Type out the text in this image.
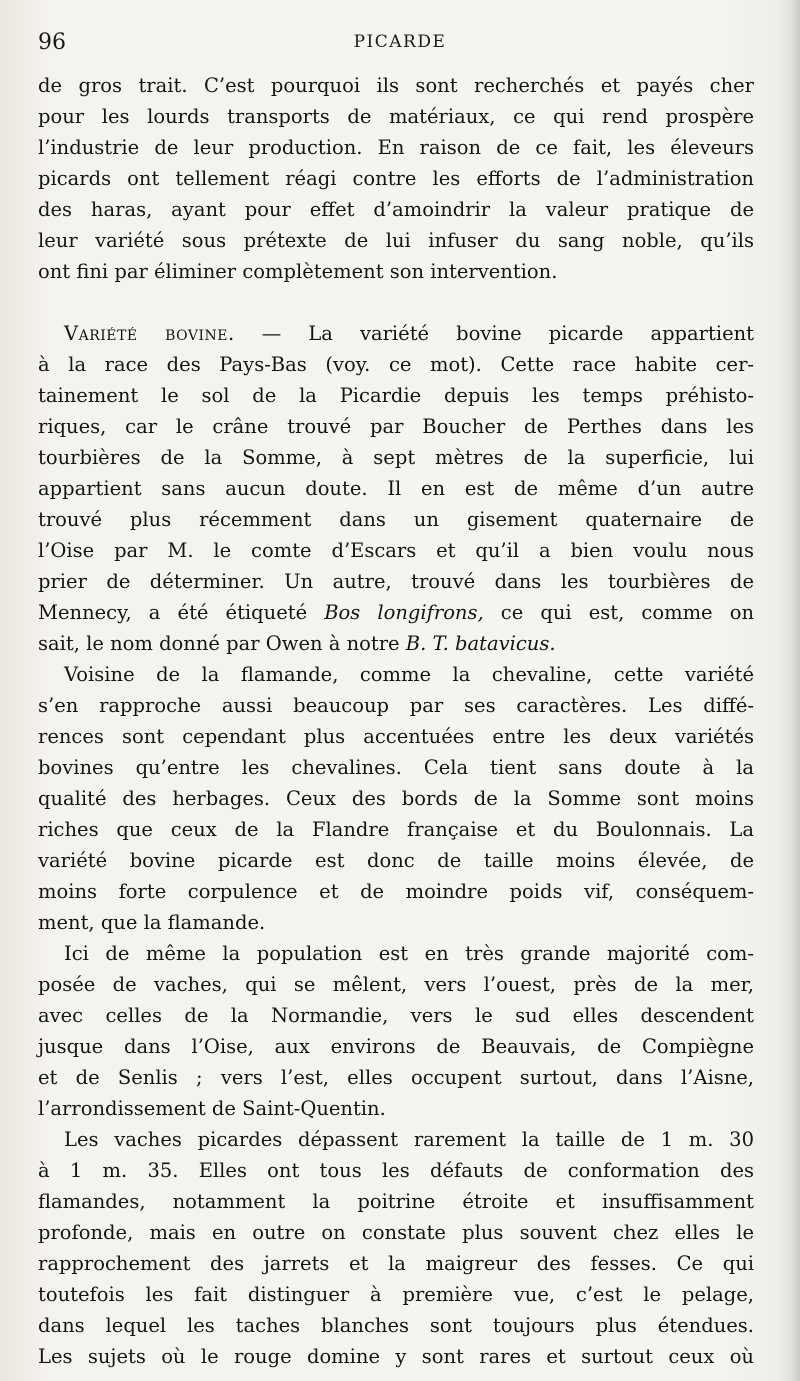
96	PICARDE
de gros trait. C’est pourquoi ils sont recherchés et payés cher
pour les lourds transports de matériaux, ce qui rend prospère
l’industrie de leur production. En raison de ce fait, les éleveurs
picards ont tellement réagi contre les efforts de l’administration
des haras, ayant pour effet d’amoindrir la valeur pratique de
leur variété sous prétexte de lui infuser du sang noble, qu’ils
ont fini par éliminer complètement son intervention.
Variété bovine. — La variété bovine picarde appartient
à la race des Pays-Bas (voy. ce mot). Cette race habite cer-
tainement le sol de la Picardie depuis les temps préhisto-
riques, car le crâne trouvé par Boucher de Perthes dans les
tourbières de la Somme, à sept mètres de la superficie, lui
appartient sans aucun doute. Il en est de même d’un autre
trouvé plus récemment dans un gisement quaternaire de
l’Oise par M. le comte d’Escars et qu’il a bien voulu nous
prier de déterminer. Un autre, trouvé dans les tourbières de
Mennecy, a été étiqueté Bos longifrons, ce qui est, comme on
sait, le nom donné par Owen à notre B. T. batavicus.
Voisine de la flamande, comme la chevaline, cette variété
s’en rapproche aussi beaucoup par ses caractères. Les diffé-
rences sont cependant plus accentuées entre les deux variétés
bovines qu’entre les chevalines. Cela tient sans doute à la
qualité des herbages. Ceux des bords de la Somme sont moins
riches que ceux de la Flandre française et du Boulonnais. La
variété bovine picarde est donc de taille moins élevée, de
moins forte corpulence et de moindre poids vif, conséquem-
ment, que la flamande.
Ici de même la population est en très grande majorité com-
posée de vaches, qui se mêlent, vers l’ouest, près de la mer,
avec celles de la Normandie, vers le sud elles descendent
jusque dans l’Oise, aux environs de Beauvais, de Compiègne
et de Senlis ; vers l’est, elles occupent surtout, dans l’Aisne,
l’arrondissement de Saint-Quentin.
Les vaches picardes dépassent rarement la taille de 1 m. 30
à 1 m. 35. Elles ont tous les défauts de conformation des
flamandes, notamment la poitrine étroite et insuffisamment
profonde, mais en outre on constate plus souvent chez elles le
rapprochement des jarrets et la maigreur des fesses. Ce qui
toutefois les fait distinguer à première vue, c’est le pelage,
dans lequel les taches blanches sont toujours plus étendues.
Les sujets où le rouge domine y sont rares et surtout ceux où
